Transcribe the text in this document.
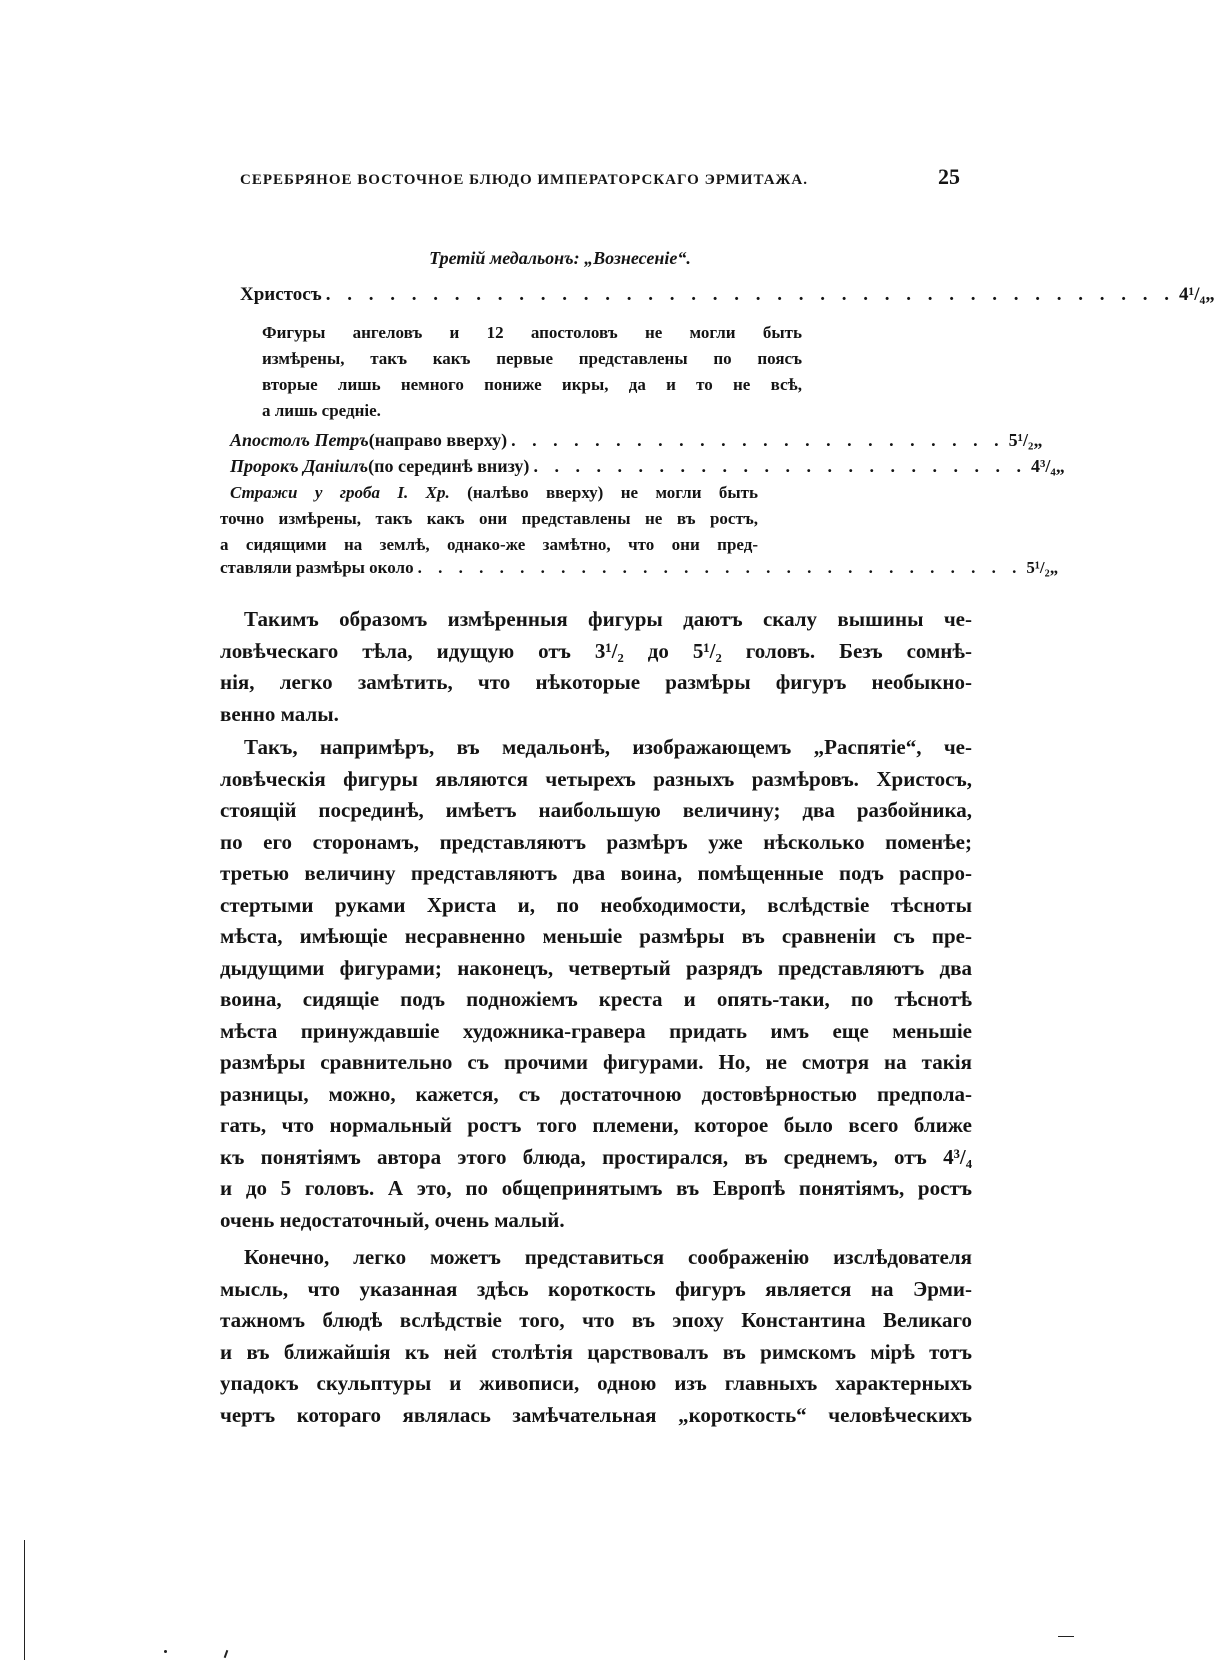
СЕРЕБРЯНОЕ ВОСТОЧНОЕ БЛЮДО ИМПЕРАТОРСКАГО ЭРМИТАЖА.	25
Третій медальонъ: „Вознесеніе“.
Христосъ . . . . . . . . . . . . . . . . . . . . . . . . . . . . . . . . . . . . . . . . 4¹/₄ „
Фигуры ангеловъ и 12 апостоловъ не могли быть
измѣрены, такъ какъ первые представлены по поясъ
вторые лишь немного пониже икры, да и то не всѣ,
а лишь средніе.
Апостолъ Петръ (направо вверху) . . . . . . . . . . . . . . . . . . . . . . . . 5¹/₂ „
Пророкъ Даніилъ (по серединѣ внизу) . . . . . . . . . . . . . . . . . . . . . . . . 4³/₄ „
Стражи у гроба І. Хр. (налѣво вверху) не могли быть
точно измѣрены, такъ какъ они представлены не въ ростъ,
а сидящими на землѣ, однако-же замѣтно, что они пред-
ставляли размѣры около . . . . . . . . . . . . . . . . . . . . . . . . . . . . . . 5¹/₂ „
Такимъ образомъ измѣренныя фигуры даютъ скалу вышины че-
ловѣческаго тѣла, идущую отъ 3¹/₂ до 5¹/₂ головъ. Безъ сомнѣ-
нія, легко замѣтить, что нѣкоторые размѣры фигуръ необыкно-
венно малы.
Такъ, напримѣръ, въ медальонѣ, изображающемъ „Распятіе“, че-
ловѣческія фигуры являются четырехъ разныхъ размѣровъ. Христосъ,
стоящій посрединѣ, имѣетъ наибольшую величину; два разбойника,
по его сторонамъ, представляютъ размѣръ уже нѣсколько поменѣе;
третью величину представляютъ два воина, помѣщенные подъ распро-
стертыми руками Христа и, по необходимости, вслѣдствіе тѣсноты
мѣста, имѣющіе несравненно меньшіе размѣры въ сравненіи съ пре-
дыдущими фигурами; наконецъ, четвертый разрядъ представляютъ два
воина, сидящіе подъ подножіемъ креста и опять-таки, по тѣснотѣ
мѣста принуждавшіе художника-гравера придать имъ еще меньшіе
размѣры сравнительно съ прочими фигурами. Но, не смотря на такія
разницы, можно, кажется, съ достаточною достовѣрностью предпола-
гать, что нормальный ростъ того племени, которое было всего ближе
къ понятіямъ автора этого блюда, простирался, въ среднемъ, отъ 4³/₄
и до 5 головъ. А это, по общепринятымъ въ Европѣ понятіямъ, ростъ
очень недостаточный, очень малый.
Конечно, легко можетъ представиться соображенію изслѣдователя
мысль, что указанная здѣсь короткость фигуръ является на Эрми-
тажномъ блюдѣ вслѣдствіе того, что въ эпоху Константина Великаго
и въ ближайшія къ ней столѣтія царствовалъ въ римскомъ мірѣ тотъ
упадокъ скульптуры и живописи, одною изъ главныхъ характерныхъ
чертъ котораго являлась замѣчательная „короткость“ человѣческихъ
